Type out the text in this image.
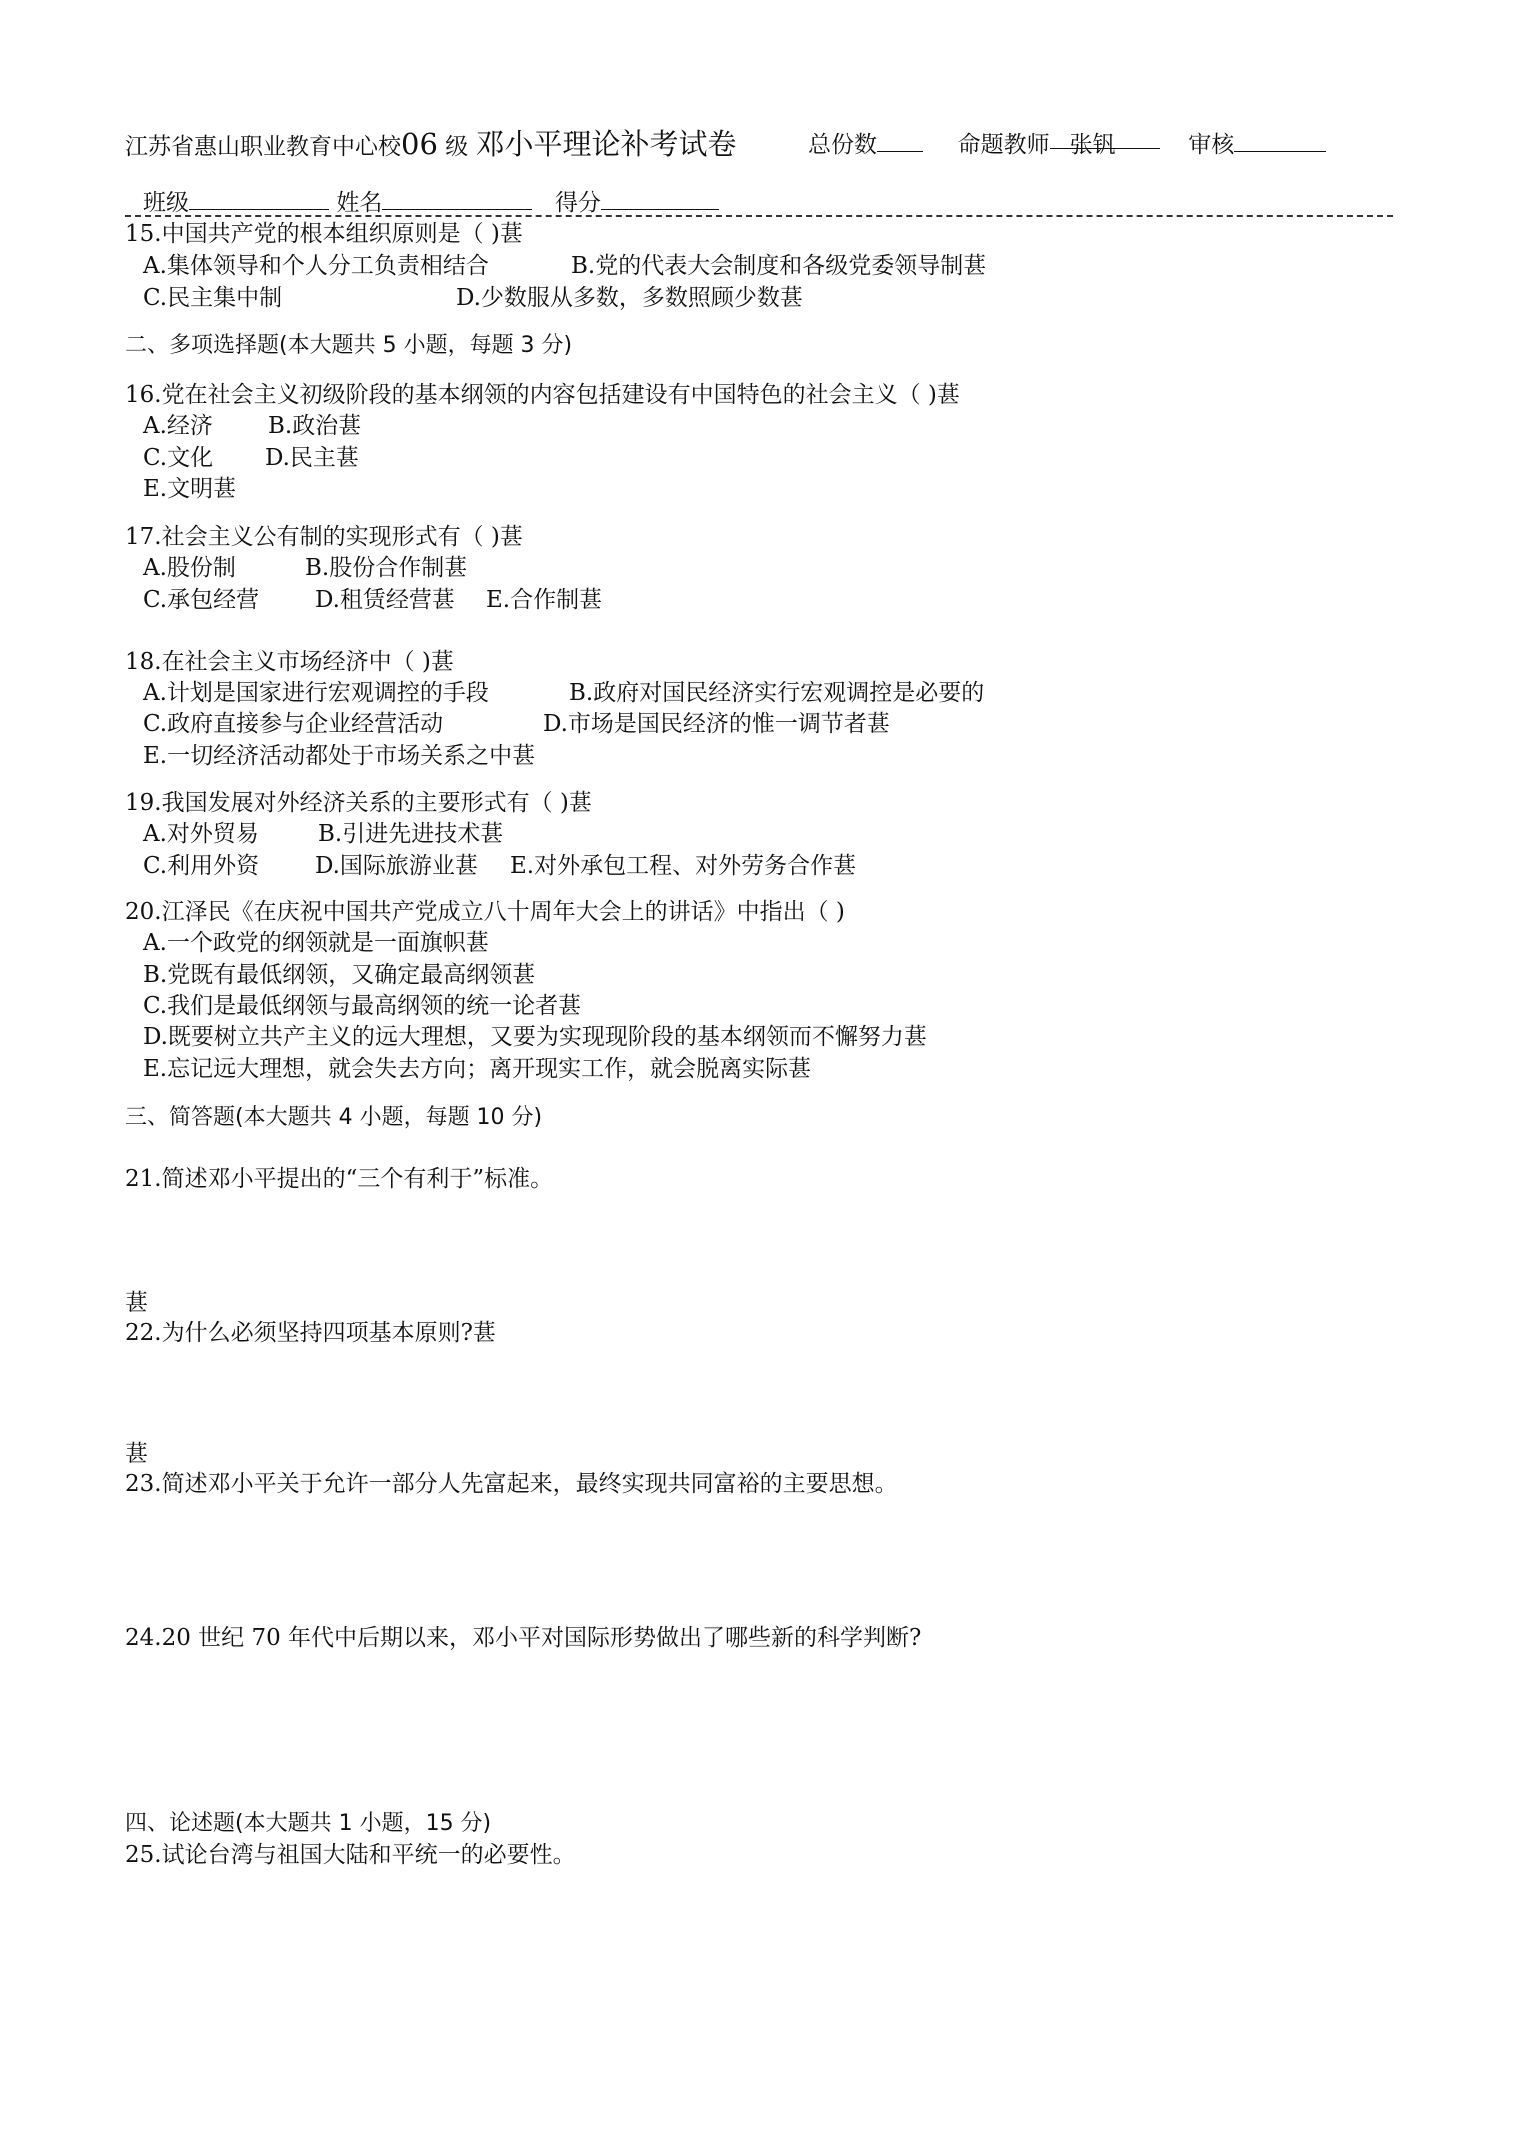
江苏省惠山职业教育中心校06 级 邓小平理论补考试卷	总份数	命题教师 张钒	审核
班级	姓名	得分
15.中国共产党的根本组织原则是（ )葚
A.集体领导和个人分工负责相结合	B.党的代表大会制度和各级党委领导制葚
C.民主集中制	D.少数服从多数，多数照顾少数葚
二、多项选择题(本大题共 5 小题，每题 3 分)
16.党在社会主义初级阶段的基本纲领的内容包括建设有中国特色的社会主义（ )葚
A.经济 B.政治葚
C.文化 D.民主葚
E.文明葚
17.社会主义公有制的实现形式有（ )葚
A.股份制	B.股份合作制葚
C.承包经营 D.租赁经营葚 E.合作制葚
18.在社会主义市场经济中（ )葚
A.计划是国家进行宏观调控的手段	B.政府对国民经济实行宏观调控是必要的
C.政府直接参与企业经营活动	D.市场是国民经济的惟一调节者葚
E.一切经济活动都处于市场关系之中葚
19.我国发展对外经济关系的主要形式有（ )葚
A.对外贸易	B.引进先进技术葚
C.利用外资 D.国际旅游业葚 E.对外承包工程、对外劳务合作葚
20.江泽民《在庆祝中国共产党成立八十周年大会上的讲话》中指出（ )
A.一个政党的纲领就是一面旗帜葚
B.党既有最低纲领，又确定最高纲领葚
C.我们是最低纲领与最高纲领的统一论者葚
D.既要树立共产主义的远大理想，又要为实现现阶段的基本纲领而不懈努力葚
E.忘记远大理想，就会失去方向；离开现实工作，就会脱离实际葚
三、简答题(本大题共 4 小题，每题 10 分)
21.简述邓小平提出的“三个有利于”标准。
葚
22.为什么必须坚持四项基本原则?葚
葚
23.简述邓小平关于允许一部分人先富起来，最终实现共同富裕的主要思想。
24.20 世纪 70 年代中后期以来，邓小平对国际形势做出了哪些新的科学判断?
四、论述题(本大题共 1 小题，15 分)
25.试论台湾与祖国大陆和平统一的必要性。
